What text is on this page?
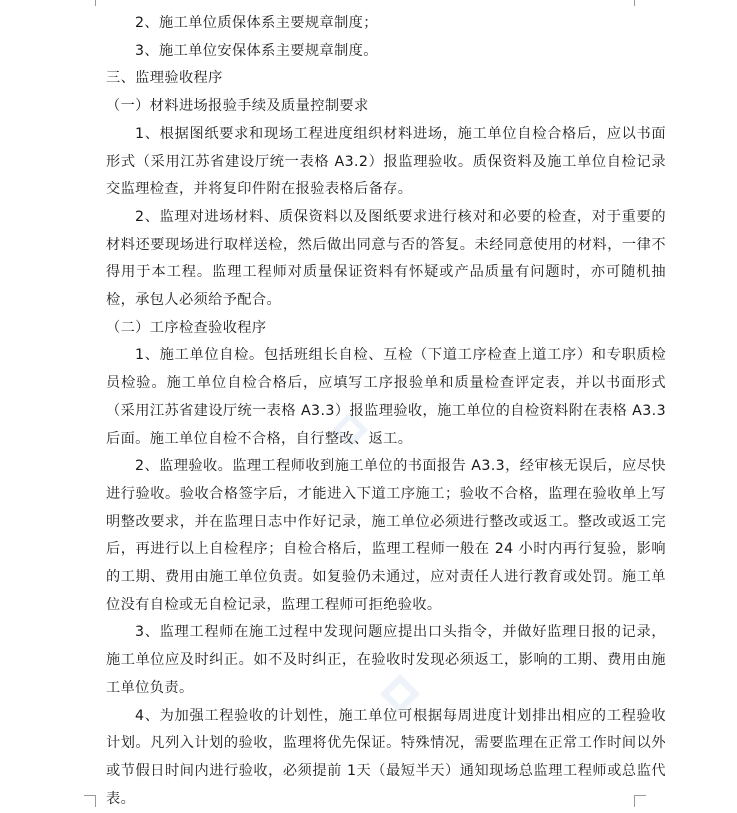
2、施工单位质保体系主要规章制度；

3、施工单位安保体系主要规章制度。

三、监理验收程序

（一）材料进场报验手续及质量控制要求

1、根据图纸要求和现场工程进度组织材料进场，施工单位自检合格后，应以书面形式（采用江苏省建设厅统一表格 A3.2）报监理验收。质保资料及施工单位自检记录交监理检查，并将复印件附在报验表格后备存。

2、监理对进场材料、质保资料以及图纸要求进行核对和必要的检查，对于重要的材料还要现场进行取样送检，然后做出同意与否的答复。未经同意使用的材料，一律不得用于本工程。监理工程师对质量保证资料有怀疑或产品质量有问题时，亦可随机抽检，承包人必须给予配合。

（二）工序检查验收程序

1、施工单位自检。包括班组长自检、互检（下道工序检查上道工序）和专职质检员检验。施工单位自检合格后，应填写工序报验单和质量检查评定表，并以书面形式（采用江苏省建设厅统一表格 A3.3）报监理验收，施工单位的自检资料附在表格 A3.3 后面。施工单位自检不合格，自行整改、返工。

2、监理验收。监理工程师收到施工单位的书面报告 A3.3，经审核无误后，应尽快进行验收。验收合格签字后，才能进入下道工序施工；验收不合格，监理在验收单上写明整改要求，并在监理日志中作好记录，施工单位必须进行整改或返工。整改或返工完后，再进行以上自检程序；自检合格后，监理工程师一般在 24 小时内再行复验，影响的工期、费用由施工单位负责。如复验仍未通过，应对责任人进行教育或处罚。施工单位没有自检或无自检记录，监理工程师可拒绝验收。

3、监理工程师在施工过程中发现问题应提出口头指令，并做好监理日报的记录，施工单位应及时纠正。如不及时纠正，在验收时发现必须返工，影响的工期、费用由施工单位负责。

4、为加强工程验收的计划性，施工单位可根据每周进度计划排出相应的工程验收计划。凡列入计划的验收，监理将优先保证。特殊情况，需要监理在正常工作时间以外或节假日时间内进行验收，必须提前 1天（最短半天）通知现场总监理工程师或总监代表。
